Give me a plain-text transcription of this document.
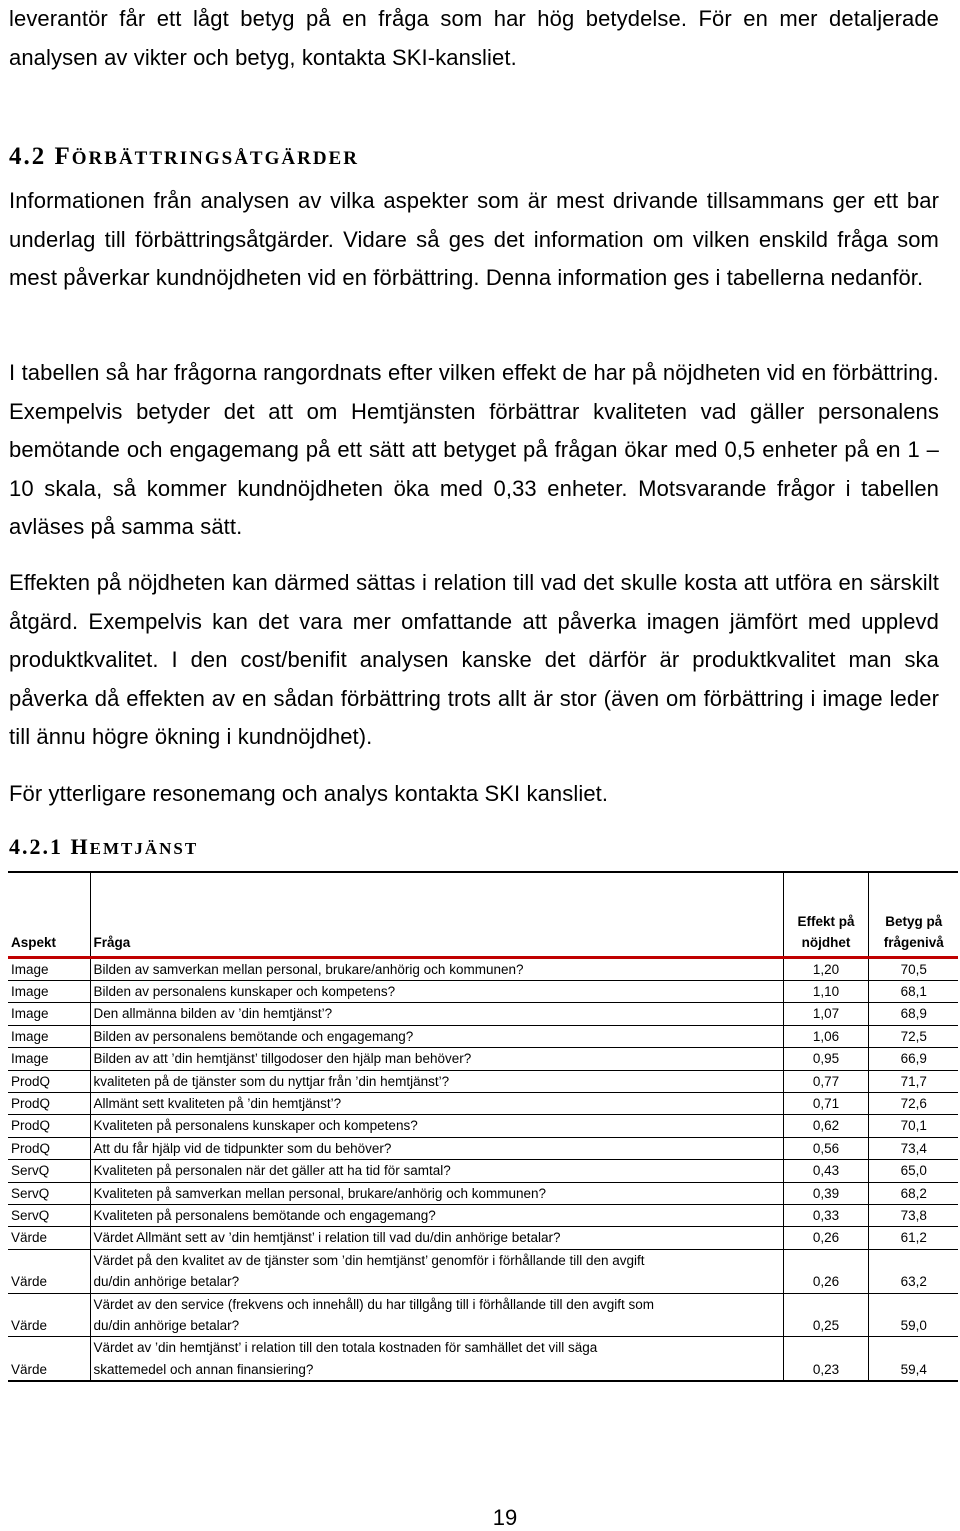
leverantör får ett lågt betyg på en fråga som har hög betydelse. För en mer detaljerade analysen av vikter och betyg, kontakta SKI-kansliet.

4.2 FÖRBÄTTRINGSÅTGÄRDER

Informationen från analysen av vilka aspekter som är mest drivande tillsammans ger ett bar underlag till förbättringsåtgärder. Vidare så ges det information om vilken enskild fråga som mest påverkar kundnöjdheten vid en förbättring. Denna information ges i tabellerna nedanför.

I tabellen så har frågorna rangordnats efter vilken effekt de har på nöjdheten vid en förbättring. Exempelvis betyder det att om Hemtjänsten förbättrar kvaliteten vad gäller personalens bemötande och engagemang på ett sätt att betyget på frågan ökar med 0,5 enheter på en 1 – 10 skala, så kommer kundnöjdheten öka med 0,33 enheter. Motsvarande frågor i tabellen avläses på samma sätt.

Effekten på nöjdheten kan därmed sättas i relation till vad det skulle kosta att utföra en särskilt åtgärd. Exempelvis kan det vara mer omfattande att påverka imagen jämfört med upplevd produktkvalitet. I den cost/benifit analysen kanske det därför är produktkvalitet man ska påverka då effekten av en sådan förbättring trots allt är stor (även om förbättring i image leder till ännu högre ökning i kundnöjdhet).

För ytterligare resonemang och analys kontakta SKI kansliet.

4.2.1 HEMTJÄNST
Aspekt	Fråga	Effekt på nöjdhet	Betyg på frågenivå
Image	Bilden av samverkan mellan personal, brukare/anhörig och kommunen?	1,20	70,5
Image	Bilden av personalens kunskaper och kompetens?	1,10	68,1
Image	Den allmänna bilden av ’din hemtjänst’?	1,07	68,9
Image	Bilden av personalens bemötande och engagemang?	1,06	72,5
Image	Bilden av att ’din hemtjänst’ tillgodoser den hjälp man behöver?	0,95	66,9
ProdQ	kvaliteten på de tjänster som du nyttjar från ’din hemtjänst’?	0,77	71,7
ProdQ	Allmänt sett kvaliteten på ’din hemtjänst’?	0,71	72,6
ProdQ	Kvaliteten på personalens kunskaper och kompetens?	0,62	70,1
ProdQ	Att du får hjälp vid de tidpunkter som du behöver?	0,56	73,4
ServQ	Kvaliteten på personalen när det gäller att ha tid för samtal?	0,43	65,0
ServQ	Kvaliteten på samverkan mellan personal, brukare/anhörig och kommunen?	0,39	68,2
ServQ	Kvaliteten på personalens bemötande och engagemang?	0,33	73,8
Värde	Värdet Allmänt sett av ’din hemtjänst’ i relation till vad du/din anhörige betalar?	0,26	61,2
Värde	Värdet på den kvalitet av de tjänster som ’din hemtjänst’ genomför i förhållande till den avgift
du/din anhörige betalar?	0,26	63,2
Värde	Värdet av den service (frekvens och innehåll) du har tillgång till i förhållande till den avgift som
du/din anhörige betalar?	0,25	59,0
Värde	Värdet av ’din hemtjänst’ i relation till den totala kostnaden för samhället det vill säga
skattemedel och annan finansiering?	0,23	59,4

19
